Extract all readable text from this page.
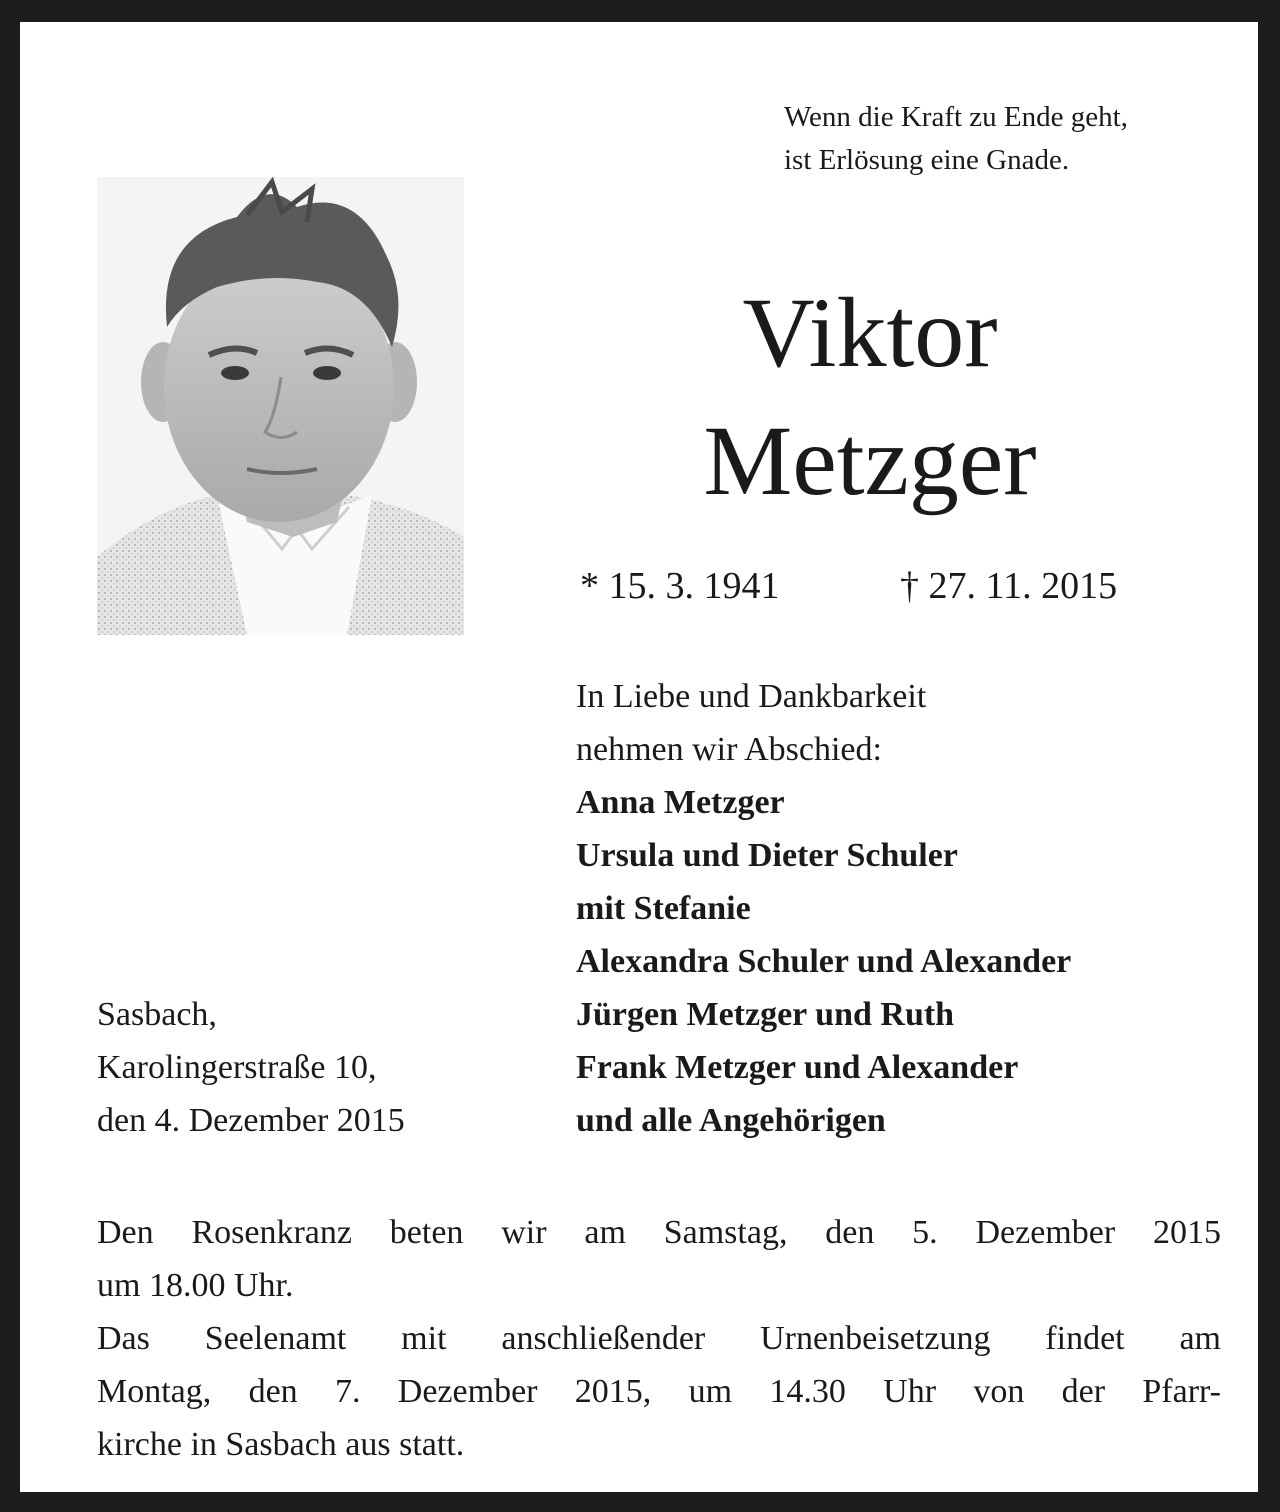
Wenn die Kraft zu Ende geht,
ist Erlösung eine Gnade.
Viktor
Metzger
* 15. 3. 1941	† 27. 11. 2015
In Liebe und Dankbarkeit
nehmen wir Abschied:
Anna Metzger
Ursula und Dieter Schuler
mit Stefanie
Alexandra Schuler und Alexander
Jürgen Metzger und Ruth
Frank Metzger und Alexander
und alle Angehörigen
Sasbach,
Karolingerstraße 10,
den 4. Dezember 2015
Den Rosenkranz beten wir am Samstag, den 5. Dezember 2015
um 18.00 Uhr.
Das Seelenamt mit anschließender Urnenbeisetzung findet am
Montag, den 7. Dezember 2015, um 14.30 Uhr von der Pfarr-
kirche in Sasbach aus statt.
